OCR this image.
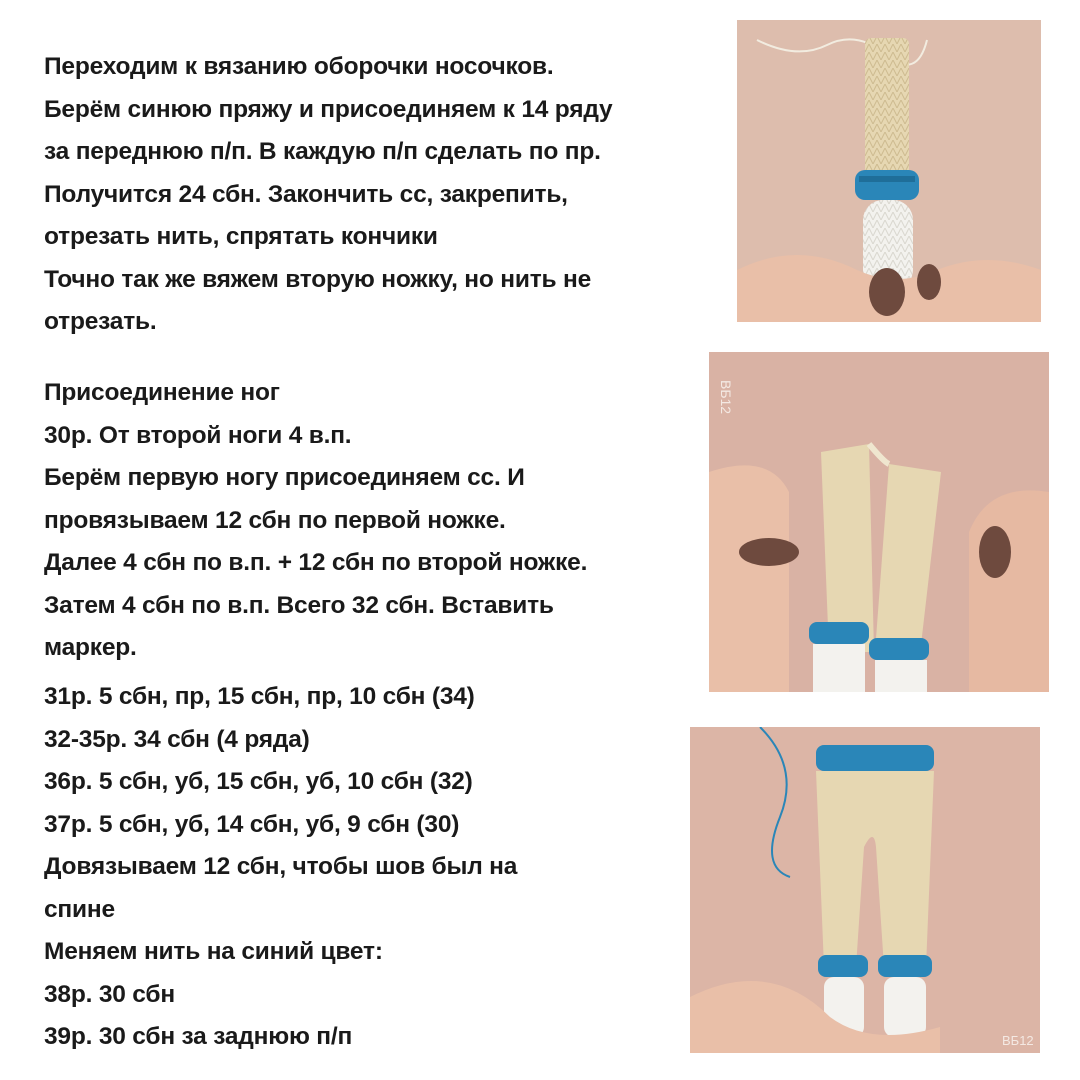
Переходим к вязанию оборочки носочков.

Берём синюю пряжу и присоединяем к 14 ряду

за переднюю п/п. В каждую п/п сделать по пр.

Получится 24 сбн. Закончить сс, закрепить,

отрезать нить, спрятать кончики

Точно так же вяжем вторую ножку, но нить не

отрезать.

Присоединение ног

30р. От второй ноги 4 в.п.

Берём первую ногу присоединяем сс. И

провязываем 12 сбн по первой ножке.

Далее 4 сбн по в.п. + 12 сбн по второй ножке.

Затем 4 сбн по в.п. Всего 32 сбн. Вставить

маркер.

31р. 5 сбн, пр, 15 сбн, пр, 10 сбн (34)

32-35р. 34 сбн (4 ряда)

36р. 5 сбн, уб, 15 сбн, уб, 10 сбн (32)

37р. 5 сбн, уб, 14 сбн, уб, 9 сбн (30)

Довязываем 12 сбн, чтобы шов был на

спине

Меняем нить на синий цвет:

38р. 30 сбн

39р. 30 сбн за заднюю п/п

ВБ12
ВБ12
